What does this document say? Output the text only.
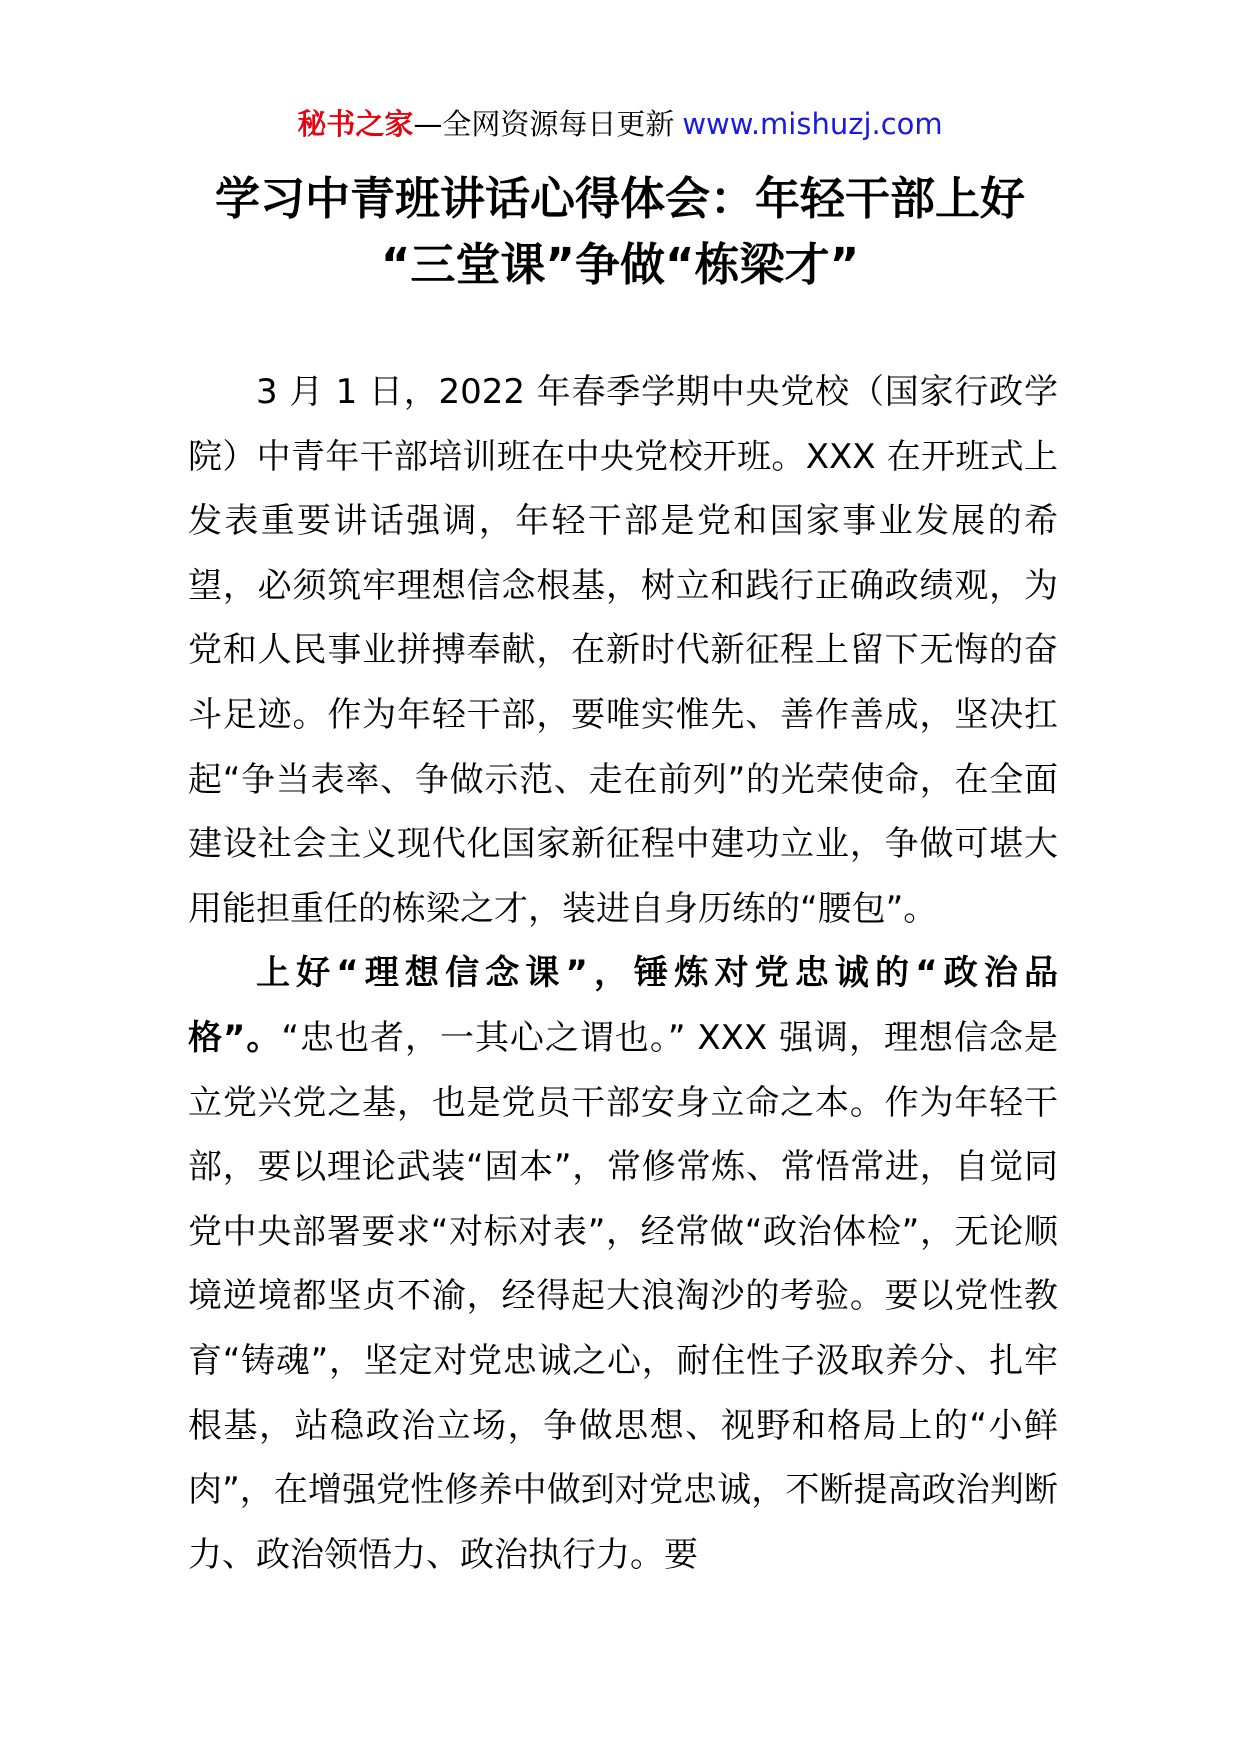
秘书之家—全网资源每日更新 www.mishuzj.com
学习中青班讲话心得体会：年轻干部上好
“三堂课”争做“栋梁才”

3 月 1 日，2022 年春季学期中央党校（国家行政学院）中青年干部培训班在中央党校开班。XXX 在开班式上发表重要讲话强调，年轻干部是党和国家事业发展的希望，必须筑牢理想信念根基，树立和践行正确政绩观，为党和人民事业拼搏奉献，在新时代新征程上留下无悔的奋斗足迹。作为年轻干部，要唯实惟先、善作善成，坚决扛起“争当表率、争做示范、走在前列”的光荣使命，在全面建设社会主义现代化国家新征程中建功立业，争做可堪大用能担重任的栋梁之才，装进自身历练的“腰包”。

上好“理想信念课”，锤炼对党忠诚的“政治品格”。“忠也者，一其心之谓也。” XXX 强调，理想信念是立党兴党之基，也是党员干部安身立命之本。作为年轻干部，要以理论武装“固本”，常修常炼、常悟常进，自觉同党中央部署要求“对标对表”，经常做“政治体检”，无论顺境逆境都坚贞不渝，经得起大浪淘沙的考验。要以党性教育“铸魂”，坚定对党忠诚之心，耐住性子汲取养分、扎牢根基，站稳政治立场，争做思想、视野和格局上的“小鲜肉”，在增强党性修养中做到对党忠诚，不断提高政治判断力、政治领悟力、政治执行力。要
